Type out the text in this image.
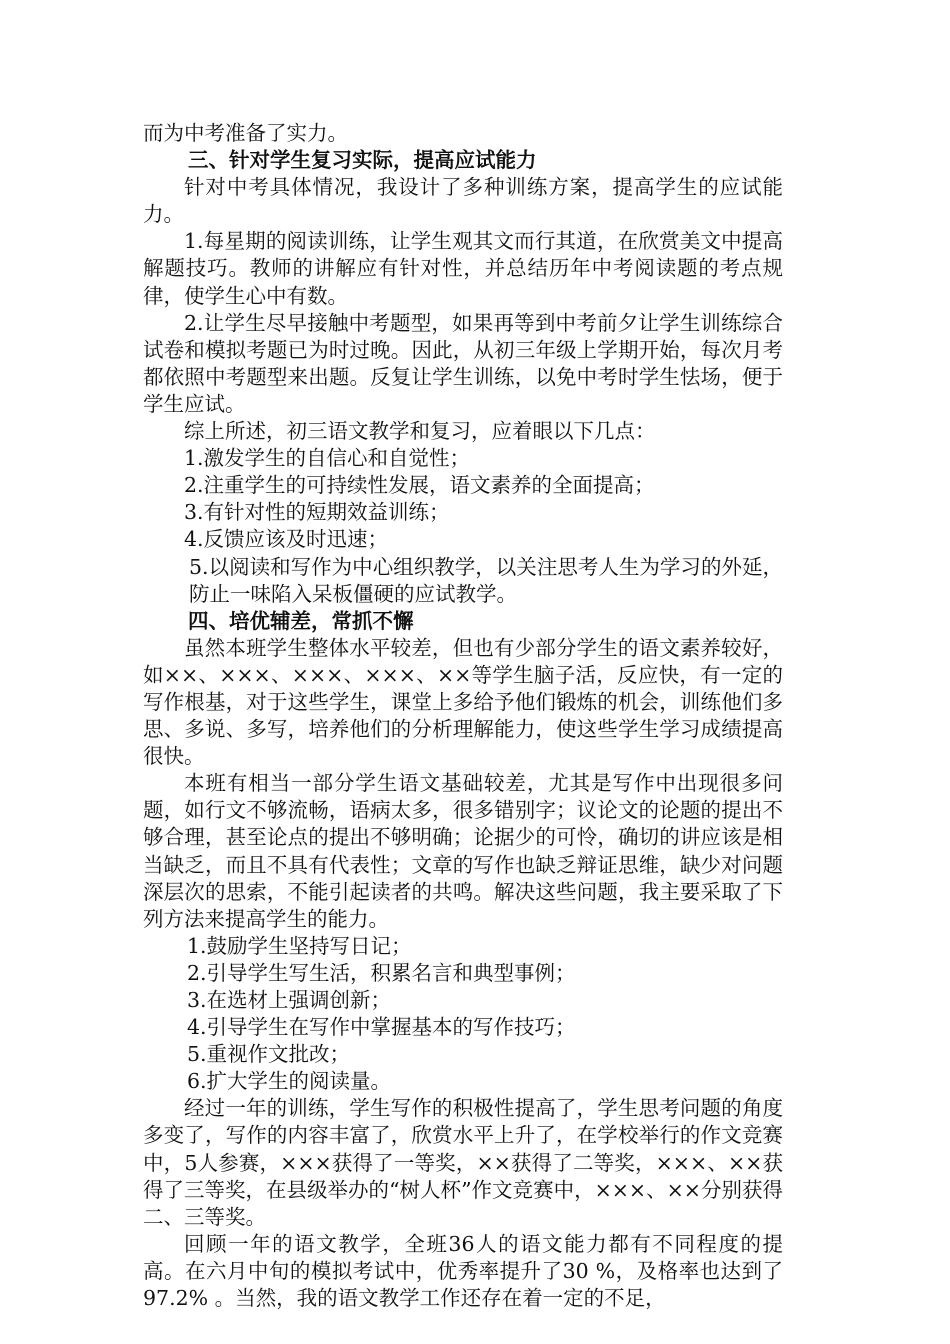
而为中考准备了实力。

三、针对学生复习实际，提高应试能力

针对中考具体情况，我设计了多种训练方案，提高学生的应试能力。

1.每星期的阅读训练，让学生观其文而行其道，在欣赏美文中提高解题技巧。教师的讲解应有针对性，并总结历年中考阅读题的考点规律，使学生心中有数。

2.让学生尽早接触中考题型，如果再等到中考前夕让学生训练综合试卷和模拟考题已为时过晚。因此，从初三年级上学期开始，每次月考都依照中考题型来出题。反复让学生训练，以免中考时学生怯场，便于学生应试。

综上所述，初三语文教学和复习，应着眼以下几点：

1.激发学生的自信心和自觉性；

2.注重学生的可持续性发展，语文素养的全面提高；

3.有针对性的短期效益训练；

4.反馈应该及时迅速；

5.以阅读和写作为中心组织教学，以关注思考人生为学习的外延，防止一味陷入呆板僵硬的应试教学。

四、培优辅差，常抓不懈

虽然本班学生整体水平较差，但也有少部分学生的语文素养较好，如××、×××、×××、×××、××等学生脑子活，反应快，有一定的写作根基，对于这些学生，课堂上多给予他们锻炼的机会，训练他们多思、多说、多写，培养他们的分析理解能力，使这些学生学习成绩提高很快。

本班有相当一部分学生语文基础较差，尤其是写作中出现很多问题，如行文不够流畅，语病太多，很多错别字；议论文的论题的提出不够合理，甚至论点的提出不够明确；论据少的可怜，确切的讲应该是相当缺乏，而且不具有代表性；文章的写作也缺乏辩证思维，缺少对问题深层次的思索，不能引起读者的共鸣。解决这些问题，我主要采取了下列方法来提高学生的能力。

1.鼓励学生坚持写日记；

2.引导学生写生活，积累名言和典型事例；

3.在选材上强调创新；

4.引导学生在写作中掌握基本的写作技巧；

5.重视作文批改；

6.扩大学生的阅读量。

经过一年的训练，学生写作的积极性提高了，学生思考问题的角度多变了，写作的内容丰富了，欣赏水平上升了，在学校举行的作文竞赛中，5人参赛，×××获得了一等奖，××获得了二等奖，×××、××获得了三等奖，在县级举办的“树人杯”作文竞赛中，×××、××分别获得二、三等奖。

回顾一年的语文教学，全班36人的语文能力都有不同程度的提高。在六月中旬的模拟考试中，优秀率提升了30 %，及格率也达到了97.2% 。当然，我的语文教学工作还存在着一定的不足，
